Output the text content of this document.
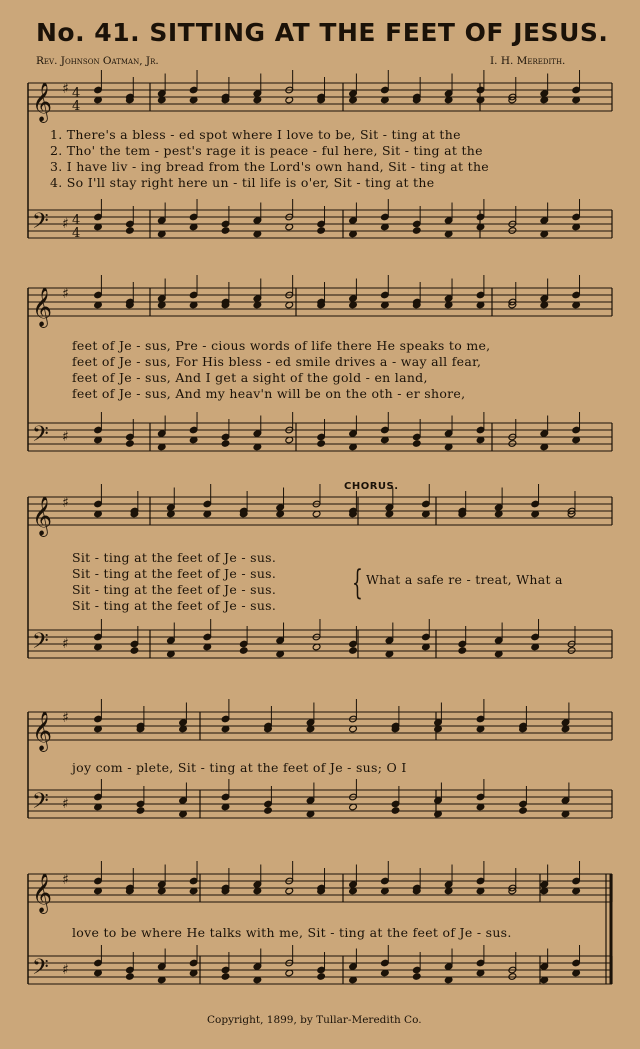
No. 41. SITTING AT THE FEET OF JESUS.
Rev. Johnson Oatman, Jr.	I. H. Meredith.
𝄞
𝄢
♯
♯
4
4
4
4
𝄞
𝄢
♯
♯
𝄞
𝄢
♯
♯
𝄞
𝄢
♯
♯
𝄞
𝄢
♯
♯
1. There's a bless - ed spot where I love to be, Sit - ting at the
2. Tho' the tem - pest's rage it is peace - ful here, Sit - ting at the
3. I have liv - ing bread from the Lord's own hand, Sit - ting at the
4. So I'll stay right here un - til life is o'er, Sit - ting at the
feet of Je - sus, Pre - cious words of life there He speaks to me,
feet of Je - sus, For His bless - ed smile drives a - way all fear,
feet of Je - sus, And I get a sight of the gold - en land,
feet of Je - sus, And my heav'n will be on the oth - er shore,
CHORUS.
Sit - ting at the feet of Je - sus.
Sit - ting at the feet of Je - sus.
Sit - ting at the feet of Je - sus.
Sit - ting at the feet of Je - sus.
{ What a safe re - treat, What a
joy com - plete, Sit - ting at the feet of Je - sus; O I
love to be where He talks with me, Sit - ting at the feet of Je - sus.
Copyright, 1899, by Tullar-Meredith Co.
